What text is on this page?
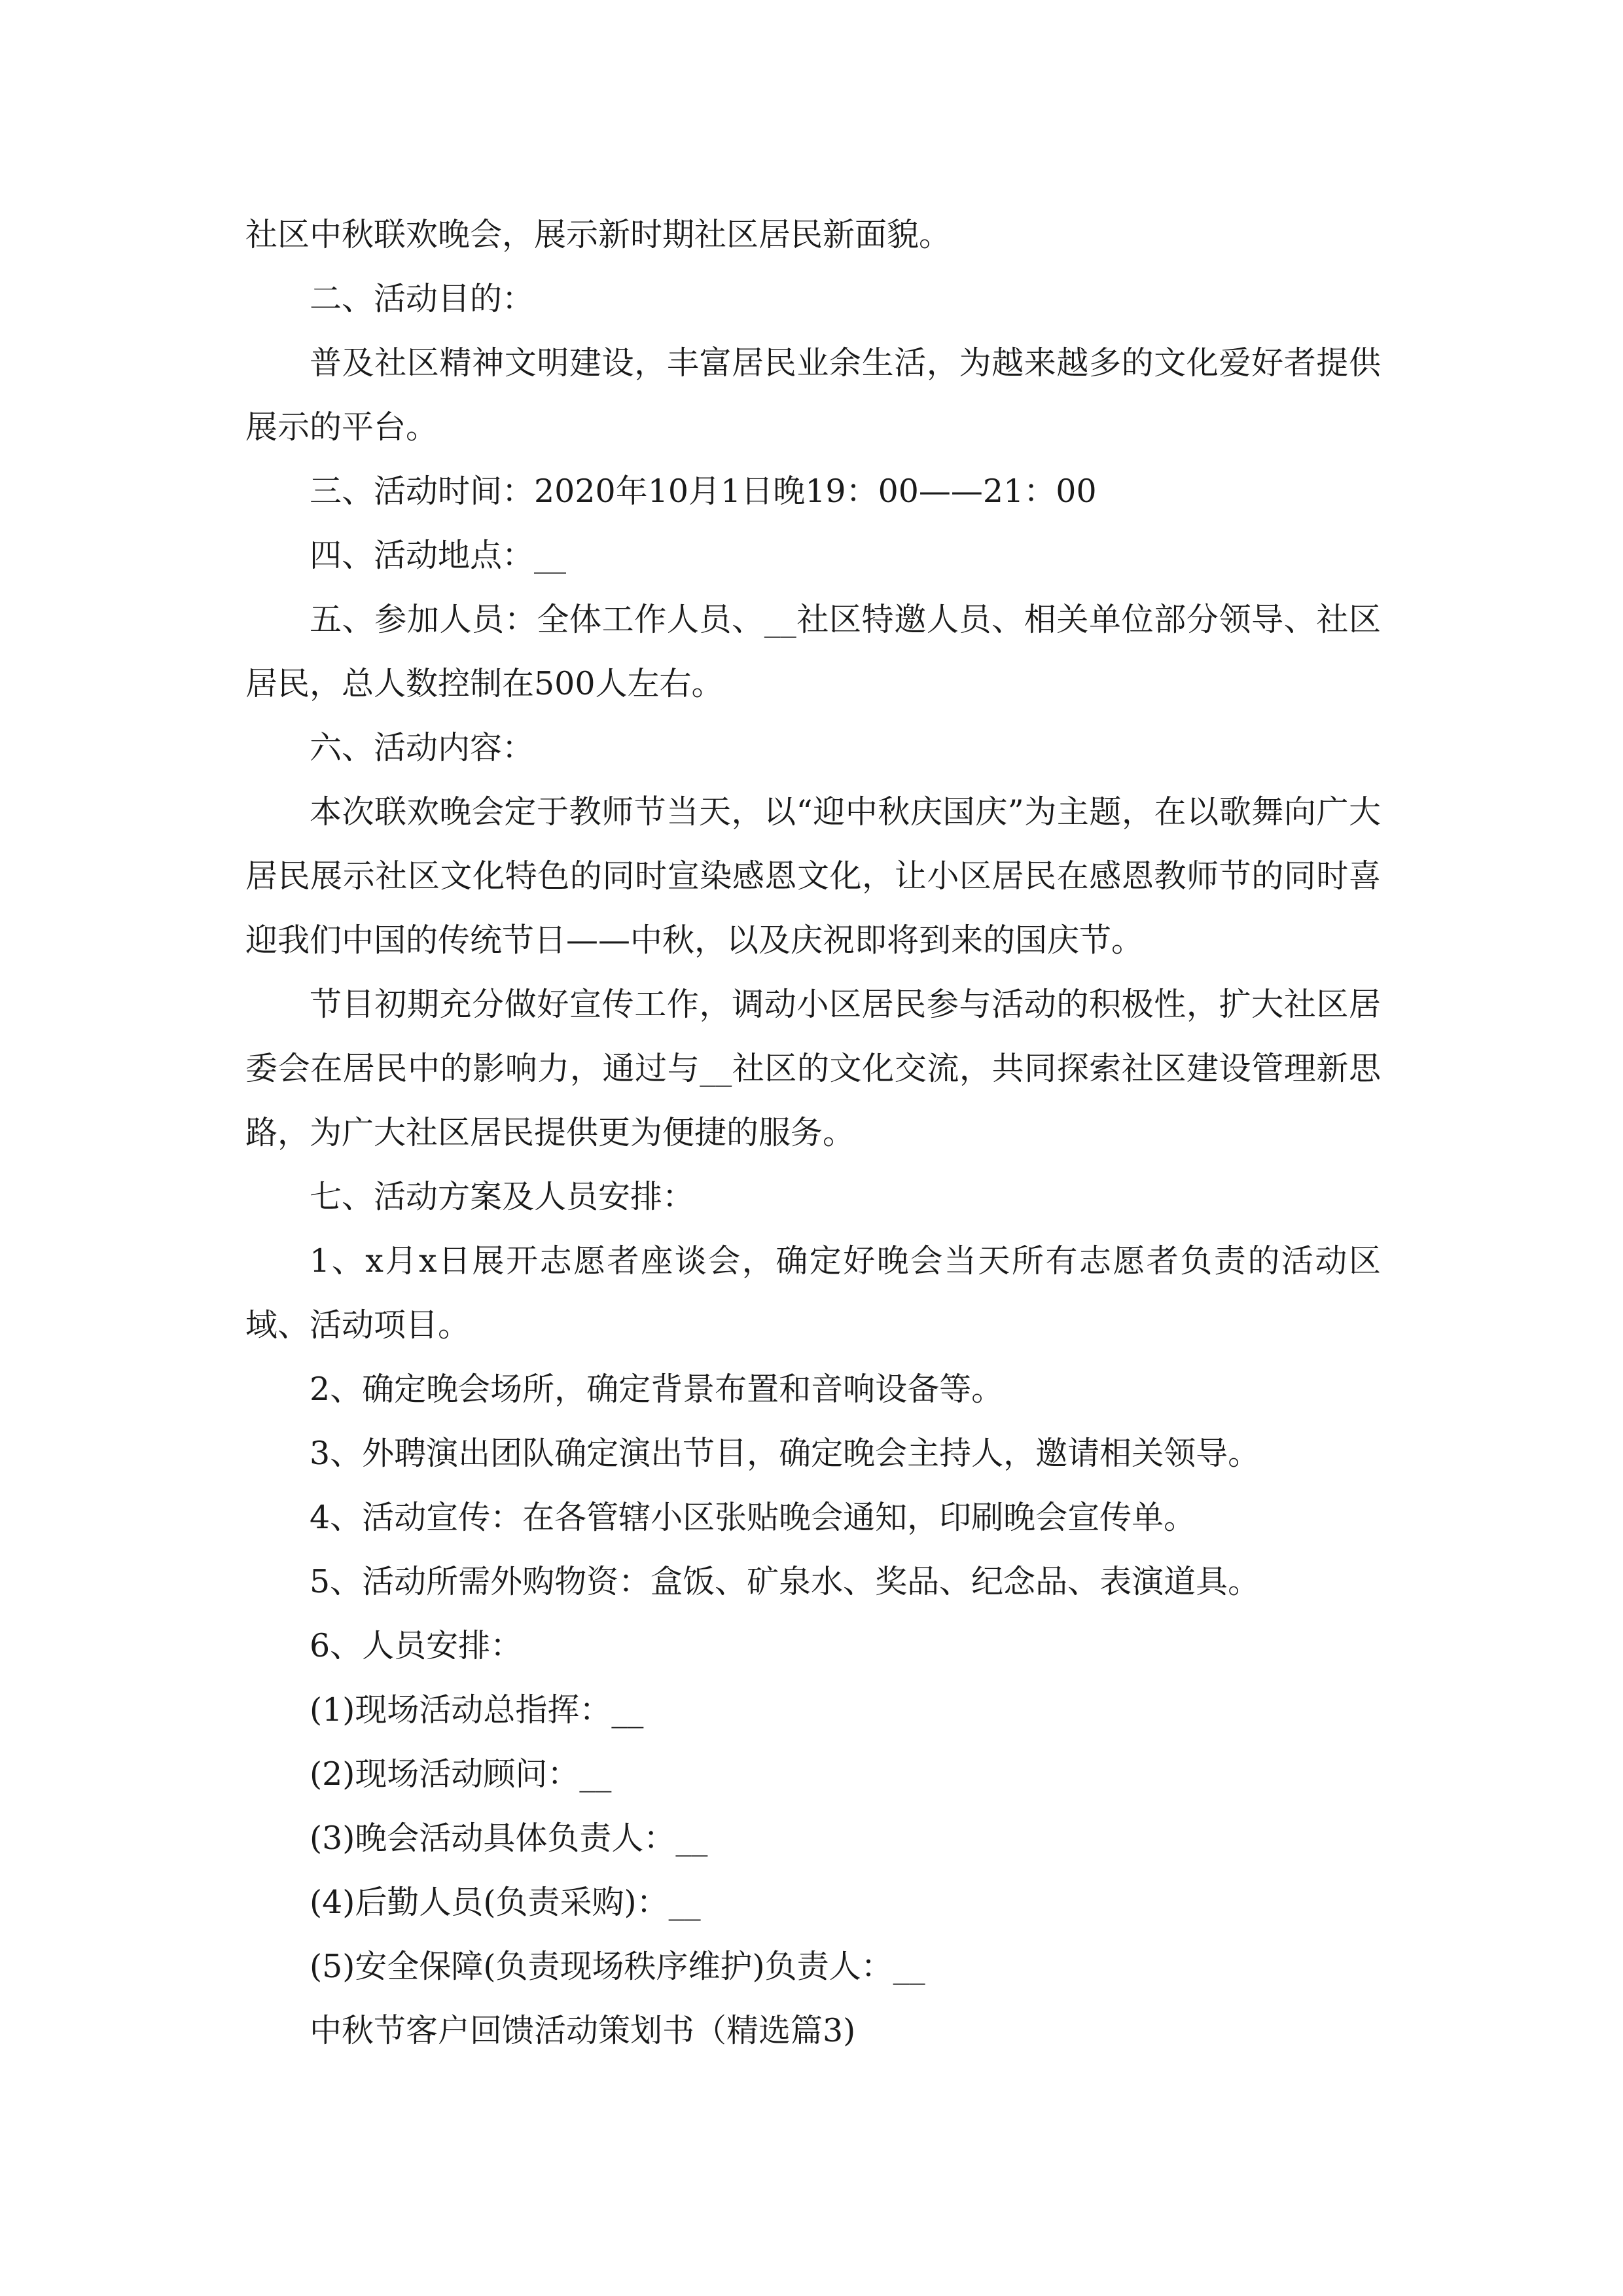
社区中秋联欢晚会，展示新时期社区居民新面貌。

二、活动目的：

普及社区精神文明建设，丰富居民业余生活，为越来越多的文化爱好者提供展示的平台。

三、活动时间：2020年10月1日晚19：00——21：00

四、活动地点：__

五、参加人员：全体工作人员、__社区特邀人员、相关单位部分领导、社区居民，总人数控制在500人左右。

六、活动内容：

本次联欢晚会定于教师节当天，以“迎中秋庆国庆”为主题，在以歌舞向广大居民展示社区文化特色的同时宣染感恩文化，让小区居民在感恩教师节的同时喜迎我们中国的传统节日——中秋，以及庆祝即将到来的国庆节。

节目初期充分做好宣传工作，调动小区居民参与活动的积极性，扩大社区居委会在居民中的影响力，通过与__社区的文化交流，共同探索社区建设管理新思路，为广大社区居民提供更为便捷的服务。

七、活动方案及人员安排：

1、x月x日展开志愿者座谈会，确定好晚会当天所有志愿者负责的活动区域、活动项目。

2、确定晚会场所，确定背景布置和音响设备等。

3、外聘演出团队确定演出节目，确定晚会主持人，邀请相关领导。

4、活动宣传：在各管辖小区张贴晚会通知，印刷晚会宣传单。

5、活动所需外购物资：盒饭、矿泉水、奖品、纪念品、表演道具。

6、人员安排：

(1)现场活动总指挥：__

(2)现场活动顾问：__

(3)晚会活动具体负责人：__

(4)后勤人员(负责采购)：__

(5)安全保障(负责现场秩序维护)负责人：__

中秋节客户回馈活动策划书（精选篇3)
